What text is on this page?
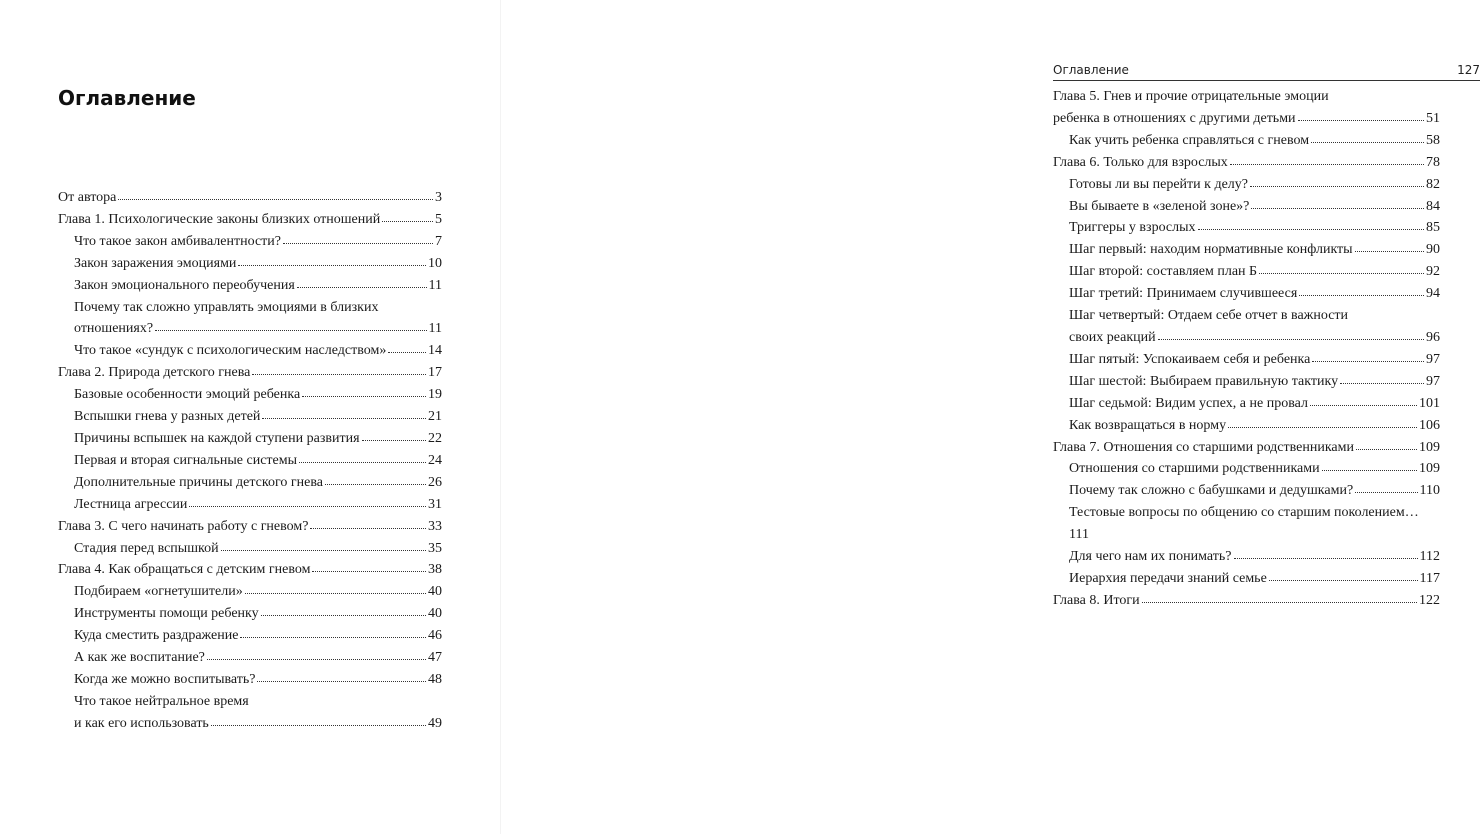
Оглавление
От автора	3
Глава 1. Психологические законы близких отношений	5
Что такое закон амбивалентности?	7
Закон заражения эмоциями	10
Закон эмоционального переобучения	11
Почему так сложно управлять эмоциями в близких
отношениях?	11
Что такое «сундук с психологическим наследством»	14
Глава 2. Природа детского гнева	17
Базовые особенности эмоций ребенка	19
Вспышки гнева у разных детей	21
Причины вспышек на каждой ступени развития	22
Первая и вторая сигнальные системы	24
Дополнительные причины детского гнева	26
Лестница агрессии	31
Глава 3. С чего начинать работу с гневом?	33
Стадия перед вспышкой	35
Глава 4. Как обращаться с детским гневом	38
Подбираем «огнетушители»	40
Инструменты помощи ребенку	40
Куда сместить раздражение	46
А как же воспитание?	47
Когда же можно воспитывать?	48
Что такое нейтральное время
и как его использовать	49
Оглавление	127
Глава 5. Гнев и прочие отрицательные эмоции
ребенка в отношениях с другими детьми	51
Как учить ребенка справляться с гневом	58
Глава 6. Только для взрослых	78
Готовы ли вы перейти к делу?	82
Вы бываете в «зеленой зоне»?	84
Триггеры у взрослых	85
Шаг первый: находим нормативные конфликты	90
Шаг второй: составляем план Б	92
Шаг третий: Принимаем случившееся	94
Шаг четвертый: Отдаем себе отчет в важности
своих реакций	96
Шаг пятый: Успокаиваем себя и ребенка	97
Шаг шестой: Выбираем правильную тактику	97
Шаг седьмой: Видим успех, а не провал	101
Как возвращаться в норму	106
Глава 7. Отношения со старшими родственниками	109
Отношения со старшими родственниками	109
Почему так сложно с бабушками и дедушками?	110
Тестовые вопросы по общению со старшим поколением…
111
Для чего нам их понимать?	112
Иерархия передачи знаний семье	117
Глава 8. Итоги	122
